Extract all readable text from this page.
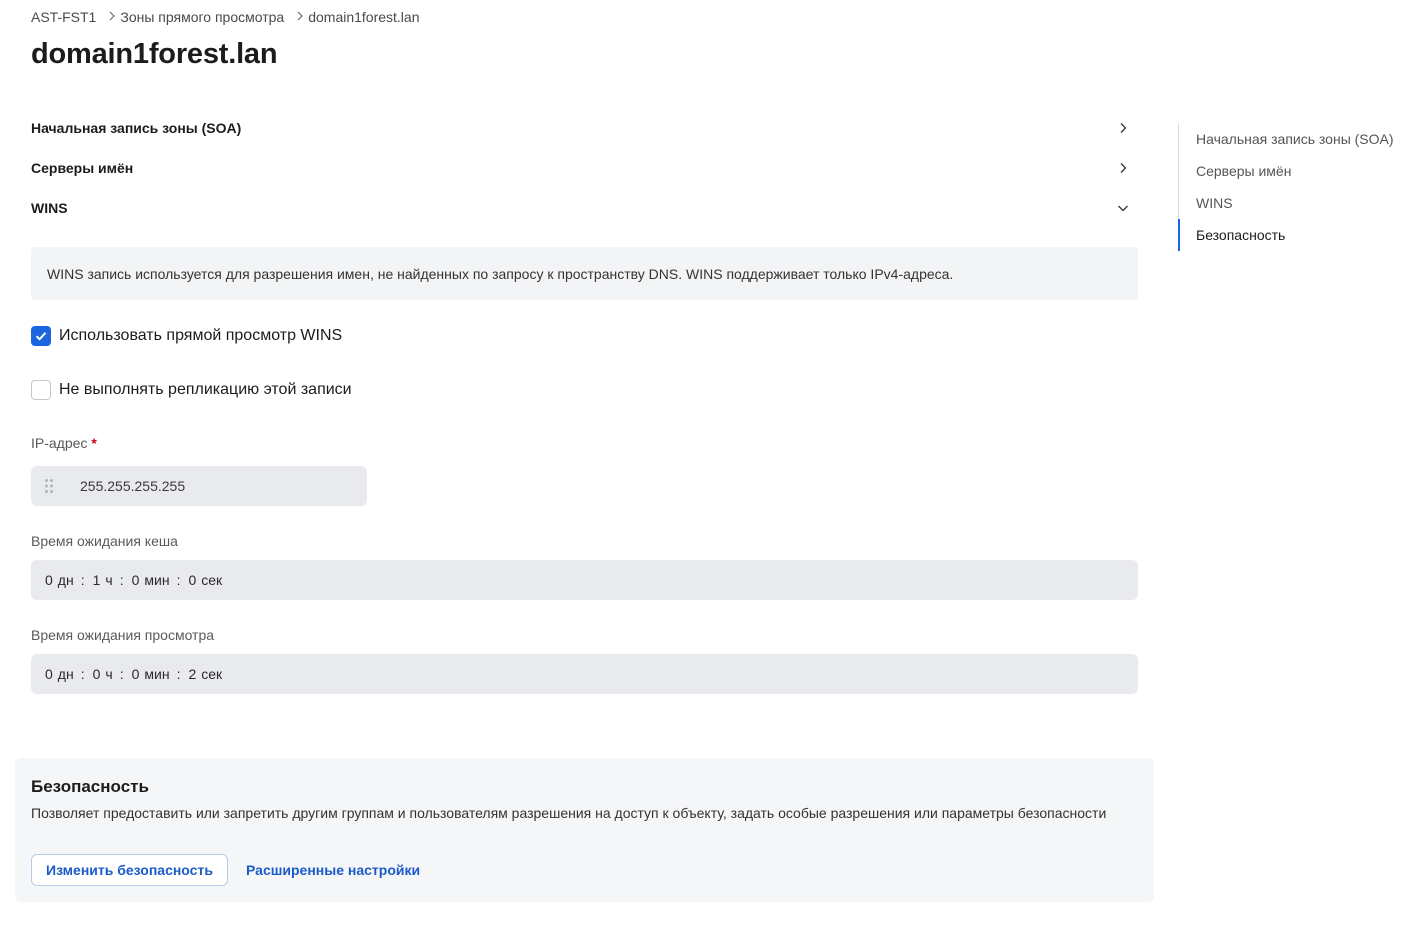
AST-FST1 Зоны прямого просмотра domain1forest.lan
domain1forest.lan
Начальная запись зоны (SOA)
Серверы имён
WINS
WINS запись используется для разрешения имен, не найденных по запросу к пространству DNS. WINS поддерживает только IPv4-адреса.
Использовать прямой просмотр WINS
Не выполнять репликацию этой записи
IP-адрес *
255.255.255.255
Время ожидания кеша
0 дн : 1 ч : 0 мин : 0 сек
Время ожидания просмотра
0 дн : 0 ч : 0 мин : 2 сек
Безопасность
Позволяет предоставить или запретить другим группам и пользователям разрешения на доступ к объекту, задать особые разрешения или параметры безопасности
Изменить безопасность	Расширенные настройки
Начальная запись зоны (SOA)
Серверы имён
WINS
Безопасность
